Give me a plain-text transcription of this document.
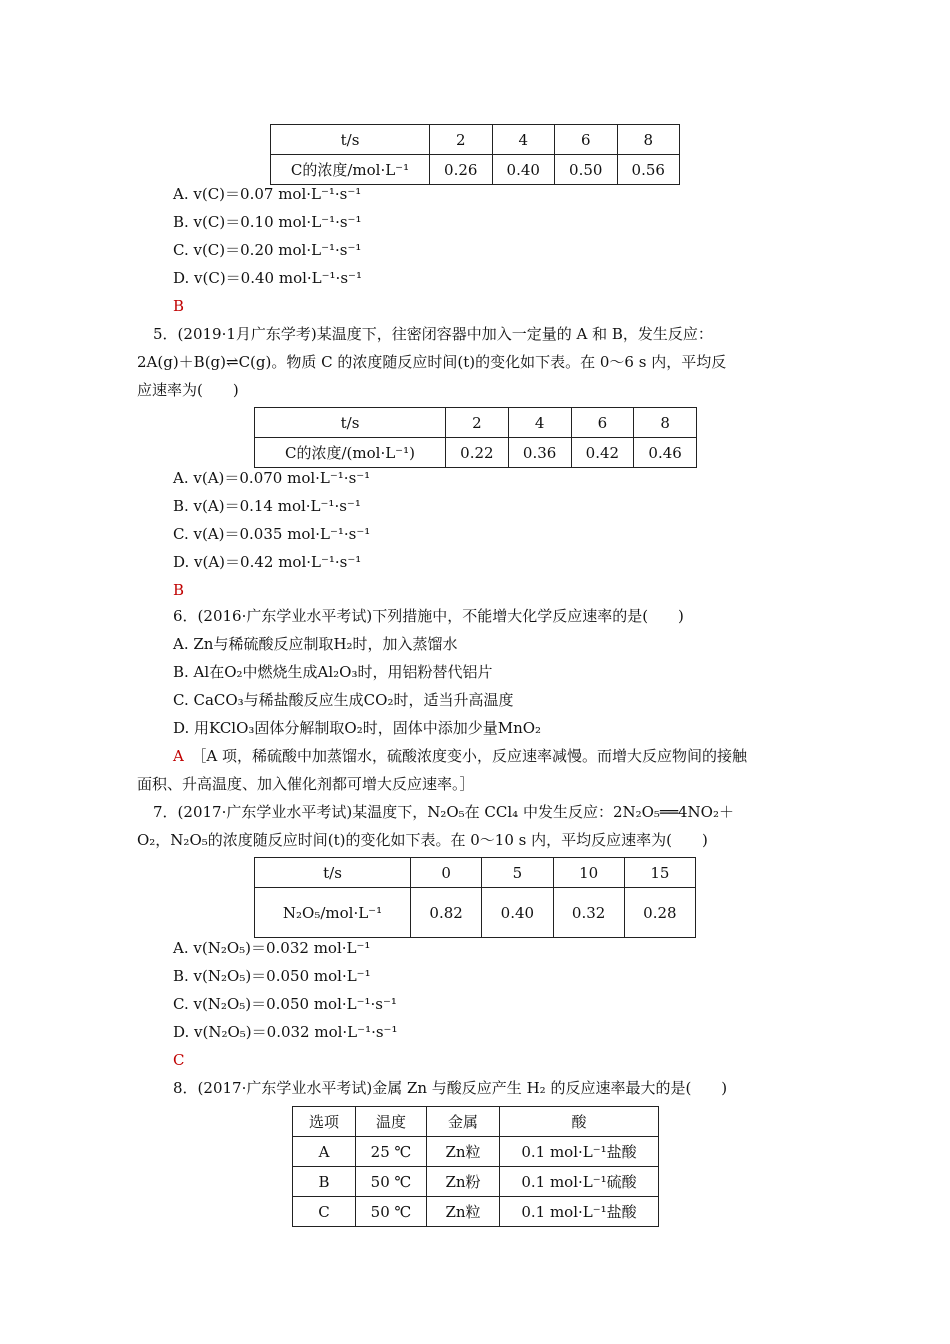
t/s	2	4	6	8
C的浓度/mol·L⁻¹	0.26	0.40	0.50	0.56
A. v(C)＝0.07 mol·L⁻¹·s⁻¹
B. v(C)＝0.10 mol·L⁻¹·s⁻¹
C. v(C)＝0.20 mol·L⁻¹·s⁻¹
D. v(C)＝0.40 mol·L⁻¹·s⁻¹
B
5．(2019·1月广东学考)某温度下，往密闭容器中加入一定量的 A 和 B，发生反应：
2A(g)＋B(g)⇌C(g)。物质 C 的浓度随反应时间(t)的变化如下表。在 0～6 s 内，平均反
应速率为(　　)
t/s	2	4	6	8
C的浓度/(mol·L⁻¹)	0.22	0.36	0.42	0.46
A. v(A)＝0.070 mol·L⁻¹·s⁻¹
B. v(A)＝0.14 mol·L⁻¹·s⁻¹
C. v(A)＝0.035 mol·L⁻¹·s⁻¹
D. v(A)＝0.42 mol·L⁻¹·s⁻¹
B
6．(2016·广东学业水平考试)下列措施中，不能增大化学反应速率的是(　　)
A. Zn与稀硫酸反应制取H₂时，加入蒸馏水
B. Al在O₂中燃烧生成Al₂O₃时，用铝粉替代铝片
C. CaCO₃与稀盐酸反应生成CO₂时，适当升高温度
D. 用KClO₃固体分解制取O₂时，固体中添加少量MnO₂
A　 ［A 项，稀硫酸中加蒸馏水，硫酸浓度变小，反应速率减慢。而增大反应物间的接触
面积、升高温度、加入催化剂都可增大反应速率。］
7．(2017·广东学业水平考试)某温度下，N₂O₅在 CCl₄ 中发生反应：2N₂O₅══4NO₂＋
O₂，N₂O₅的浓度随反应时间(t)的变化如下表。在 0～10 s 内，平均反应速率为(　　)
t/s	0	5	10	15
N₂O₅/mol·L⁻¹	0.82	0.40	0.32	0.28
A. v(N₂O₅)＝0.032 mol·L⁻¹
B. v(N₂O₅)＝0.050 mol·L⁻¹
C. v(N₂O₅)＝0.050 mol·L⁻¹·s⁻¹
D. v(N₂O₅)＝0.032 mol·L⁻¹·s⁻¹
C
8．(2017·广东学业水平考试)金属 Zn 与酸反应产生 H₂ 的反应速率最大的是(　　)
选项	温度	金属	酸
A	25 ℃	Zn粒	0.1 mol·L⁻¹盐酸
B	50 ℃	Zn粉	0.1 mol·L⁻¹硫酸
C	50 ℃	Zn粒	0.1 mol·L⁻¹盐酸
